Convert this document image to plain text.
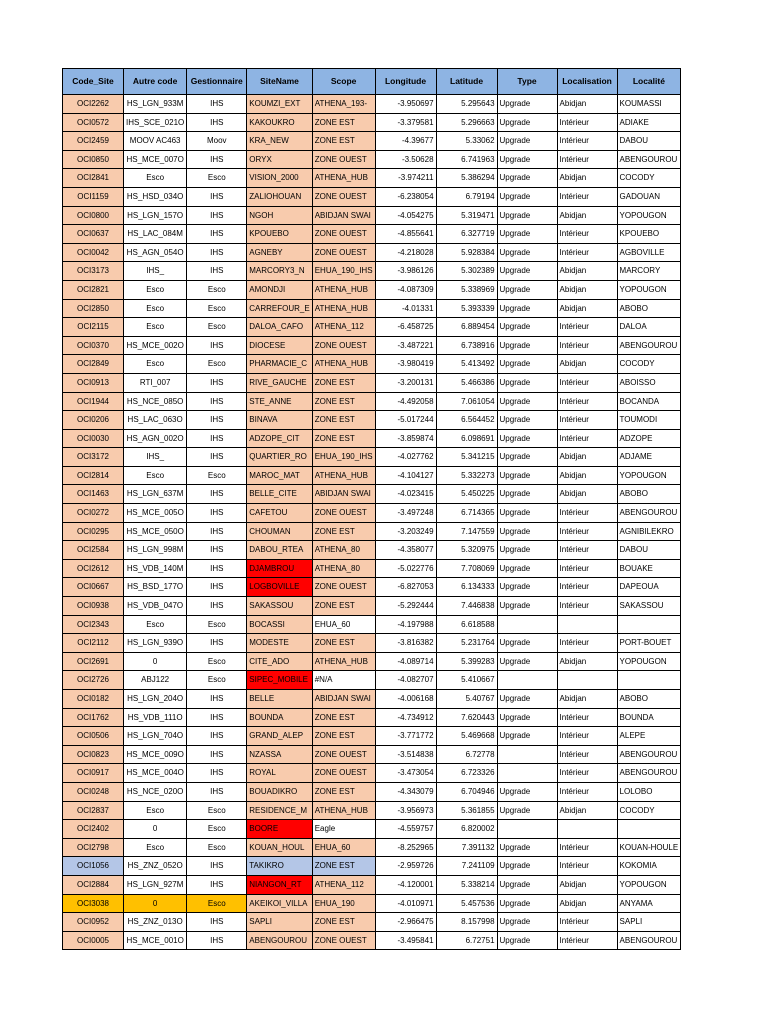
Code_Site	Autre code	Gestionnaire	SiteName	Scope	Longitude	Latitude	Type	Localisation	Localité
OCI2262	HS_LGN_933M	IHS	KOUMZI_EXT	ATHENA_193-	-3.950697	5.295643	Upgrade	Abidjan	KOUMASSI
OCI0572	IHS_SCE_021O	IHS	KAKOUKRO	ZONE EST	-3.379581	5.296663	Upgrade	Intérieur	ADIAKE
OCI2459	MOOV AC463	Moov	KRA_NEW	ZONE EST	-4.39677	5.33062	Upgrade	Intérieur	DABOU
OCI0850	HS_MCE_007O	IHS	ORYX	ZONE OUEST	-3.50628	6.741963	Upgrade	Intérieur	ABENGOUROU
OCI2841	Esco	Esco	VISION_2000	ATHENA_HUB	-3.974211	5.386294	Upgrade	Abidjan	COCODY
OCI1159	HS_HSD_034O	IHS	ZALIOHOUAN	ZONE OUEST	-6.238054	6.79194	Upgrade	Intérieur	GADOUAN
OCI0800	HS_LGN_157O	IHS	NGOH	ABIDJAN SWAI	-4.054275	5.319471	Upgrade	Abidjan	YOPOUGON
OCI0637	HS_LAC_084M	IHS	KPOUEBO	ZONE OUEST	-4.855641	6.327719	Upgrade	Intérieur	KPOUEBO
OCI0042	HS_AGN_054O	IHS	AGNEBY	ZONE OUEST	-4.218028	5.928384	Upgrade	Intérieur	AGBOVILLE
OCI3173	IHS_	IHS	MARCORY3_N	EHUA_190_IHS	-3.986126	5.302389	Upgrade	Abidjan	MARCORY
OCI2821	Esco	Esco	AMONDJI	ATHENA_HUB	-4.087309	5.338969	Upgrade	Abidjan	YOPOUGON
OCI2850	Esco	Esco	CARREFOUR_E	ATHENA_HUB	-4.01331	5.393339	Upgrade	Abidjan	ABOBO
OCI2115	Esco	Esco	DALOA_CAFO	ATHENA_112	-6.458725	6.889454	Upgrade	Intérieur	DALOA
OCI0370	HS_MCE_002O	IHS	DIOCESE	ZONE OUEST	-3.487221	6.738916	Upgrade	Intérieur	ABENGOUROU
OCI2849	Esco	Esco	PHARMACIE_C	ATHENA_HUB	-3.980419	5.413492	Upgrade	Abidjan	COCODY
OCI0913	RTI_007	IHS	RIVE_GAUCHE	ZONE EST	-3.200131	5.466386	Upgrade	Intérieur	ABOISSO
OCI1944	HS_NCE_085O	IHS	STE_ANNE	ZONE EST	-4.492058	7.061054	Upgrade	Intérieur	BOCANDA
OCI0206	HS_LAC_063O	IHS	BINAVA	ZONE EST	-5.017244	6.564452	Upgrade	Intérieur	TOUMODI
OCI0030	HS_AGN_002O	IHS	ADZOPE_CIT	ZONE EST	-3.859874	6.098691	Upgrade	Intérieur	ADZOPE
OCI3172	IHS_	IHS	QUARTIER_RO	EHUA_190_IHS	-4.027762	5.341215	Upgrade	Abidjan	ADJAME
OCI2814	Esco	Esco	MAROC_MAT	ATHENA_HUB	-4.104127	5.332273	Upgrade	Abidjan	YOPOUGON
OCI1463	HS_LGN_637M	IHS	BELLE_CITE	ABIDJAN SWAI	-4.023415	5.450225	Upgrade	Abidjan	ABOBO
OCI0272	HS_MCE_005O	IHS	CAFETOU	ZONE OUEST	-3.497248	6.714365	Upgrade	Intérieur	ABENGOUROU
OCI0295	HS_MCE_050O	IHS	CHOUMAN	ZONE EST	-3.203249	7.147559	Upgrade	Intérieur	AGNIBILEKRO
OCI2584	HS_LGN_998M	IHS	DABOU_RTEA	ATHENA_80	-4.358077	5.320975	Upgrade	Intérieur	DABOU
OCI2612	HS_VDB_140M	IHS	DJAMBROU	ATHENA_80	-5.022776	7.708069	Upgrade	Intérieur	BOUAKE
OCI0667	HS_BSD_177O	IHS	LOGBOVILLE	ZONE OUEST	-6.827053	6.134333	Upgrade	Intérieur	DAPEOUA
OCI0938	HS_VDB_047O	IHS	SAKASSOU	ZONE EST	-5.292444	7.446838	Upgrade	Intérieur	SAKASSOU
OCI2343	Esco	Esco	BOCASSI	EHUA_60	-4.197988	6.618588			
OCI2112	HS_LGN_939O	IHS	MODESTE	ZONE EST	-3.816382	5.231764	Upgrade	Intérieur	PORT-BOUET
OCI2691	0	Esco	CITE_ADO	ATHENA_HUB	-4.089714	5.399283	Upgrade	Abidjan	YOPOUGON
OCI2726	ABJ122	Esco	SIPEC_MOBILE	#N/A	-4.082707	5.410667			
OCI0182	HS_LGN_204O	IHS	BELLE	ABIDJAN SWAI	-4.006168	5.40767	Upgrade	Abidjan	ABOBO
OCI1762	HS_VDB_111O	IHS	BOUNDA	ZONE EST	-4.734912	7.620443	Upgrade	Intérieur	BOUNDA
OCI0506	HS_LGN_704O	IHS	GRAND_ALEP	ZONE EST	-3.771772	5.469668	Upgrade	Intérieur	ALEPE
OCI0823	HS_MCE_009O	IHS	NZASSA	ZONE OUEST	-3.514838	6.72778		Intérieur	ABENGOUROU
OCI0917	HS_MCE_004O	IHS	ROYAL	ZONE OUEST	-3.473054	6.723326		Intérieur	ABENGOUROU
OCI0248	HS_NCE_020O	IHS	BOUADIKRO	ZONE EST	-4.343079	6.704946	Upgrade	Intérieur	LOLOBO
OCI2837	Esco	Esco	RESIDENCE_M	ATHENA_HUB	-3.956973	5.361855	Upgrade	Abidjan	COCODY
OCI2402	0	Esco	BOORE	Eagle	-4.559757	6.820002			
OCI2798	Esco	Esco	KOUAN_HOUL	EHUA_60	-8.252965	7.391132	Upgrade	Intérieur	KOUAN-HOULE
OCI1056	HS_ZNZ_052O	IHS	TAKIKRO	ZONE EST	-2.959726	7.241109	Upgrade	Intérieur	KOKOMIA
OCI2884	HS_LGN_927M	IHS	NIANGON_RT	ATHENA_112	-4.120001	5.338214	Upgrade	Abidjan	YOPOUGON
OCI3038	0	Esco	AKEIKOI_VILLA	EHUA_190	-4.010971	5.457536	Upgrade	Abidjan	ANYAMA
OCI0952	HS_ZNZ_013O	IHS	SAPLI	ZONE EST	-2.966475	8.157998	Upgrade	Intérieur	SAPLI
OCI0005	HS_MCE_001O	IHS	ABENGOUROU	ZONE OUEST	-3.495841	6.72751	Upgrade	Intérieur	ABENGOUROU
